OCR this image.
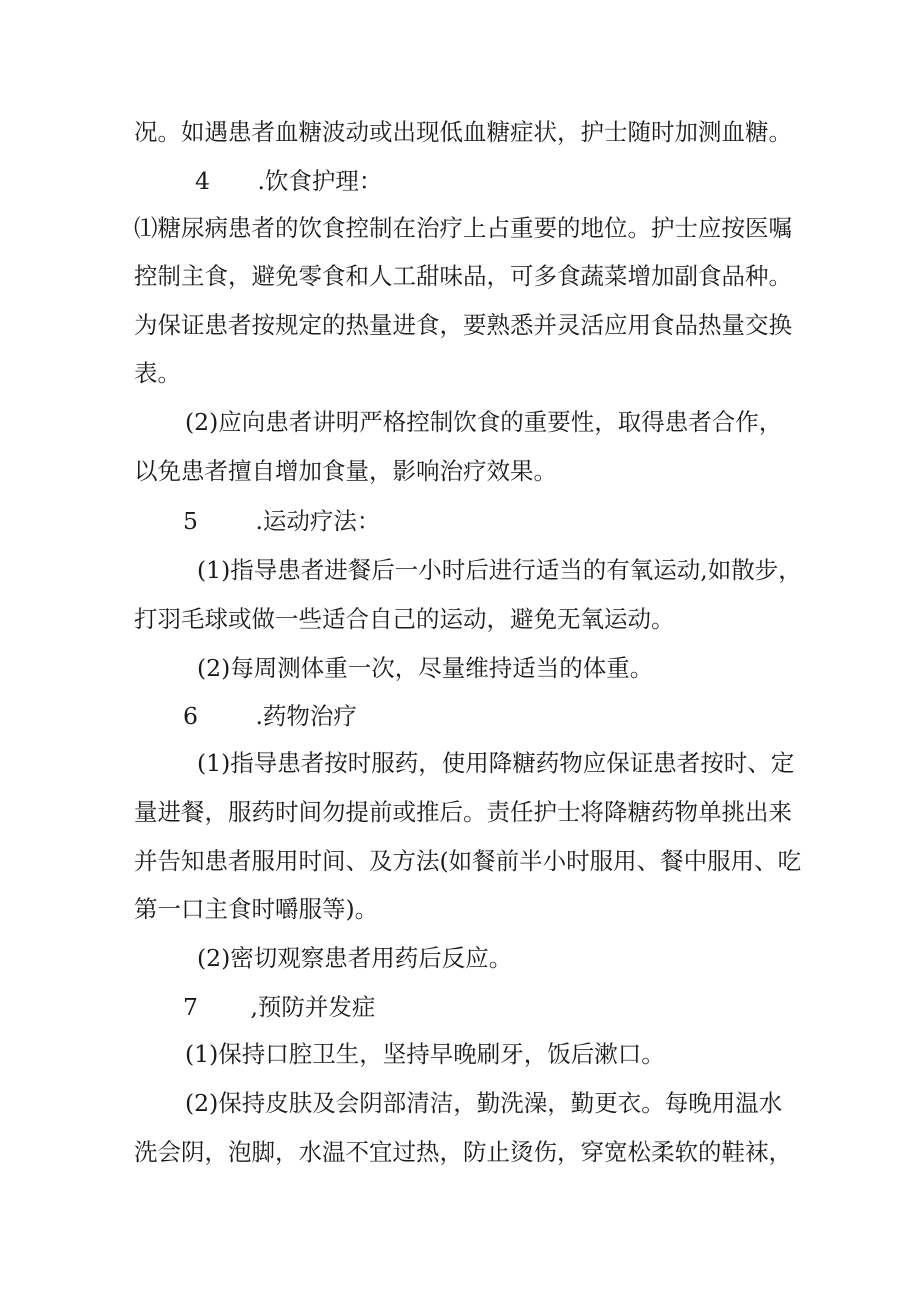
况。如遇患者血糖波动或出现低血糖症状，护士随时加测血糖。

4 .饮食护理：

⑴糖尿病患者的饮食控制在治疗上占重要的地位。护士应按医嘱

控制主食，避免零食和人工甜味品，可多食蔬菜增加副食品种。

为保证患者按规定的热量进食，要熟悉并灵活应用食品热量交换

表。

(2)应向患者讲明严格控制饮食的重要性，取得患者合作，

以免患者擅自增加食量，影响治疗效果。

5 .运动疗法：

(1)指导患者进餐后一小时后进行适当的有氧运动,如散步，

打羽毛球或做一些适合自己的运动，避免无氧运动。

(2)每周测体重一次，尽量维持适当的体重。

6 .药物治疗

(1)指导患者按时服药，使用降糖药物应保证患者按时、定

量进餐，服药时间勿提前或推后。责任护士将降糖药物单挑出来

并告知患者服用时间、及方法(如餐前半小时服用、餐中服用、吃

第一口主食时嚼服等)。

(2)密切观察患者用药后反应。

7 ,预防并发症

(1)保持口腔卫生，坚持早晚刷牙，饭后漱口。

(2)保持皮肤及会阴部清洁，勤洗澡，勤更衣。每晚用温水

洗会阴，泡脚，水温不宜过热，防止烫伤，穿宽松柔软的鞋袜，
